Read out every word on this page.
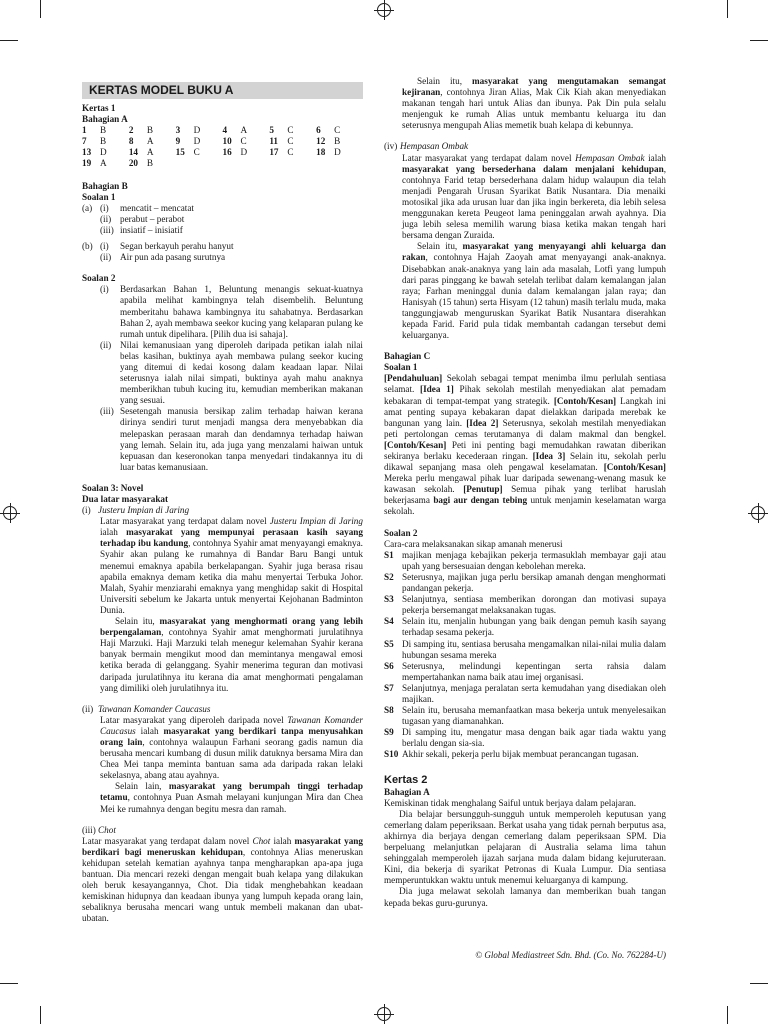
KERTAS MODEL BUKU A
Kertas 1
Bahagian A
1	B 2	B 3	D 4	A 5	C 6	C
7	B 8	A 9	D 10 C 11	C 12 B
13 D 14 A 15 C 16 D 17 C 18 D
19 A 20 B
Bahagian B
Soalan 1
(a) (i)	mencatit – mencatat
(ii) perabut – perabot
(iii) insiatif – inisiatif
(b) (i)	Segan berkayuh perahu hanyut
(ii) Air pun ada pasang surutnya
Soalan 2
(i)	Berdasarkan Bahan 1, Beluntung menangis sekuat-kuatnya apabila melihat kambingnya telah disembelih. Beluntung memberitahu bahawa kambingnya itu sahabatnya. Berdasarkan Bahan 2, ayah membawa seekor kucing yang kelaparan pulang ke rumah untuk dipelihara. [Pilih dua isi sahaja].

(ii) Nilai kemanusiaan yang diperoleh daripada petikan ialah nilai belas kasihan, buktinya ayah membawa pulang seekor kucing yang ditemui di kedai kosong dalam keadaan lapar. Nilai seterusnya ialah nilai simpati, buktinya ayah mahu anaknya memberikhan tubuh kucing itu, kemudian memberikan makanan yang sesuai.

(iii) Sesetengah manusia bersikap zalim terhadap haiwan kerana dirinya sendiri turut menjadi mangsa dera menyebabkan dia melepaskan perasaan marah dan dendamnya terhadap haiwan yang lemah. Selain itu, ada juga yang menzalami haiwan untuk kepuasan dan keseronokan tanpa menyedari tindakannya itu di luar batas kemanusiaan.

Soalan 3: Novel
Dua latar masyarakat
(i) Justeru Impian di Jaring

Latar masyarakat yang terdapat dalam novel Justeru Impian di Jaring ialah masyarakat yang mempunyai perasaan kasih sayang terhadap ibu kandung, contohnya Syahir amat menyayangi emaknya. Syahir akan pulang ke rumahnya di Bandar Baru Bangi untuk menemui emaknya apabila berkelapangan. Syahir juga berasa risau apabila emaknya demam ketika dia mahu menyertai Terbuka Johor. Malah, Syahir menziarahi emaknya yang menghidap sakit di Hospital Universiti sebelum ke Jakarta untuk menyertai Kejohanan Badminton Dunia.

Selain itu, masyarakat yang menghormati orang yang lebih berpengalaman, contohnya Syahir amat menghormati jurulatihnya Haji Marzuki. Haji Marzuki telah menegur kelemahan Syahir kerana banyak bermain mengikut mood dan memintanya mengawal emosi ketika berada di gelanggang. Syahir menerima teguran dan motivasi daripada jurulatihnya itu kerana dia amat menghormati pengalaman yang dimiliki oleh jurulatihnya itu.

(ii) Tawanan Komander Caucasus

Latar masyarakat yang diperoleh daripada novel Tawanan Komander Caucasus ialah masyarakat yang berdikari tanpa menyusahkan orang lain, contohnya walaupun Farhani seorang gadis namun dia berusaha mencari kumbang di dusun milik datuknya bersama Mira dan Chea Mei tanpa meminta bantuan sama ada daripada rakan lelaki sekelasnya, abang atau ayahnya.

Selain lain, masyarakat yang berumpah tinggi terhadap tetamu, contohnya Puan Asmah melayani kunjungan Mira dan Chea Mei ke rumahnya dengan begitu mesra dan ramah.

(iii) Chot

Latar masyarakat yang terdapat dalam novel Chot ialah masyarakat yang berdikari bagi meneruskan kehidupan, contohnya Alias meneruskan kehidupan setelah kematian ayahnya tanpa mengharapkan apa-apa juga bantuan. Dia mencari rezeki dengan mengait buah kelapa yang dilakukan oleh beruk kesayangannya, Chot. Dia tidak menghebahkan keadaan kemiskinan hidupnya dan keadaan ibunya yang lumpuh kepada orang lain, sebaliknya berusaha mencari wang untuk membeli makanan dan ubat-ubatan.

Selain itu, masyarakat yang mengutamakan semangat kejiranan, contohnya Jiran Alias, Mak Cik Kiah akan menyediakan makanan tengah hari untuk Alias dan ibunya. Pak Din pula selalu menjenguk ke rumah Alias untuk membantu keluarga itu dan seterusnya mengupah Alias memetik buah kelapa di kebunnya.

(iv) Hempasan Ombak

Latar masyarakat yang terdapat dalam novel Hempasan Ombak ialah masyarakat yang bersederhana dalam menjalani kehidupan, contohnya Farid tetap bersederhana dalam hidup walaupun dia telah menjadi Pengarah Urusan Syarikat Batik Nusantara. Dia menaiki motosikal jika ada urusan luar dan jika ingin berkereta, dia lebih selesa menggunakan kereta Peugeot lama peninggalan arwah ayahnya. Dia juga lebih selesa memilih warung biasa ketika makan tengah hari bersama dengan Zuraida.

Selain itu, masyarakat yang menyayangi ahli keluarga dan rakan, contohnya Hajah Zaoyah amat menyayangi anak-anaknya. Disebabkan anak-anaknya yang lain ada masalah, Lotfi yang lumpuh dari paras pinggang ke bawah setelah terlibat dalam kemalangan jalan raya; Farhan meninggal dunia dalam kemalangan jalan raya; dan Hanisyah (15 tahun) serta Hisyam (12 tahun) masih terlalu muda, maka tanggungjawab menguruskan Syarikat Batik Nusantara diserahkan kepada Farid. Farid pula tidak membantah cadangan tersebut demi keluarganya.

Bahagian C
Soalan 1

[Pendahuluan] Sekolah sebagai tempat menimba ilmu perlulah sentiasa selamat. [Idea 1] Pihak sekolah mestilah menyediakan alat pemadam kebakaran di tempat-tempat yang strategik. [Contoh/Kesan] Langkah ini amat penting supaya kebakaran dapat dielakkan daripada merebak ke bangunan yang lain. [Idea 2] Seterusnya, sekolah mestilah menyediakan peti pertolongan cemas terutamanya di dalam makmal dan bengkel. [Contoh/Kesan] Peti ini penting bagi memudahkan rawatan diberikan sekiranya berlaku kecederaan ringan. [Idea 3] Selain itu, sekolah perlu dikawal sepanjang masa oleh pengawal keselamatan. [Contoh/Kesan] Mereka perlu mengawal pihak luar daripada sewenang-wenang masuk ke kawasan sekolah. [Penutup] Semua pihak yang terlibat haruslah bekerjasama bagi aur dengan tebing untuk menjamin keselamatan warga sekolah.

Soalan 2
Cara-cara melaksanakan sikap amanah menerusi
S1 majikan menjaga kebajikan pekerja termasuklah membayar gaji atau upah yang bersesuaian dengan kebolehan mereka.

S2 Seterusnya, majikan juga perlu bersikap amanah dengan menghormati pandangan pekerja.

S3 Selanjutnya, sentiasa memberikan dorongan dan motivasi supaya pekerja bersemangat melaksanakan tugas.

S4 Selain itu, menjalin hubungan yang baik dengan pemuh kasih sayang terhadap sesama pekerja.

S5 Di samping itu, sentiasa berusaha mengamalkan nilai-nilai mulia dalam hubungan sesama mereka

S6 Seterusnya, melindungi kepentingan serta rahsia dalam mempertahankan nama baik atau imej organisasi.

S7 Selanjutnya, menjaga peralatan serta kemudahan yang disediakan oleh majikan.

S8 Selain itu, berusaha memanfaatkan masa bekerja untuk menyelesaikan tugasan yang diamanahkan.

S9 Di samping itu, mengatur masa dengan baik agar tiada waktu yang berlalu dengan sia-sia.

S10 Akhir sekali, pekerja perlu bijak membuat perancangan tugasan.

Kertas 2
Bahagian A

Kemiskinan tidak menghalang Saiful untuk berjaya dalam pelajaran.

Dia belajar bersungguh-sungguh untuk memperoleh keputusan yang cemerlang dalam peperiksaan. Berkat usaha yang tidak pernah berputus asa, akhirnya dia berjaya dengan cemerlang dalam peperiksaan SPM. Dia berpeluang melanjutkan pelajaran di Australia selama lima tahun sehinggalah memperoleh ijazah sarjana muda dalam bidang kejuruteraan. Kini, dia bekerja di syarikat Petronas di Kuala Lumpur. Dia sentiasa memperuntukkan waktu untuk menemui keluarganya di kampung.

Dia juga melawat sekolah lamanya dan memberikan buah tangan kepada bekas guru-gurunya.

© Global Mediastreet Sdn. Bhd. (Co. No. 762284-U)
